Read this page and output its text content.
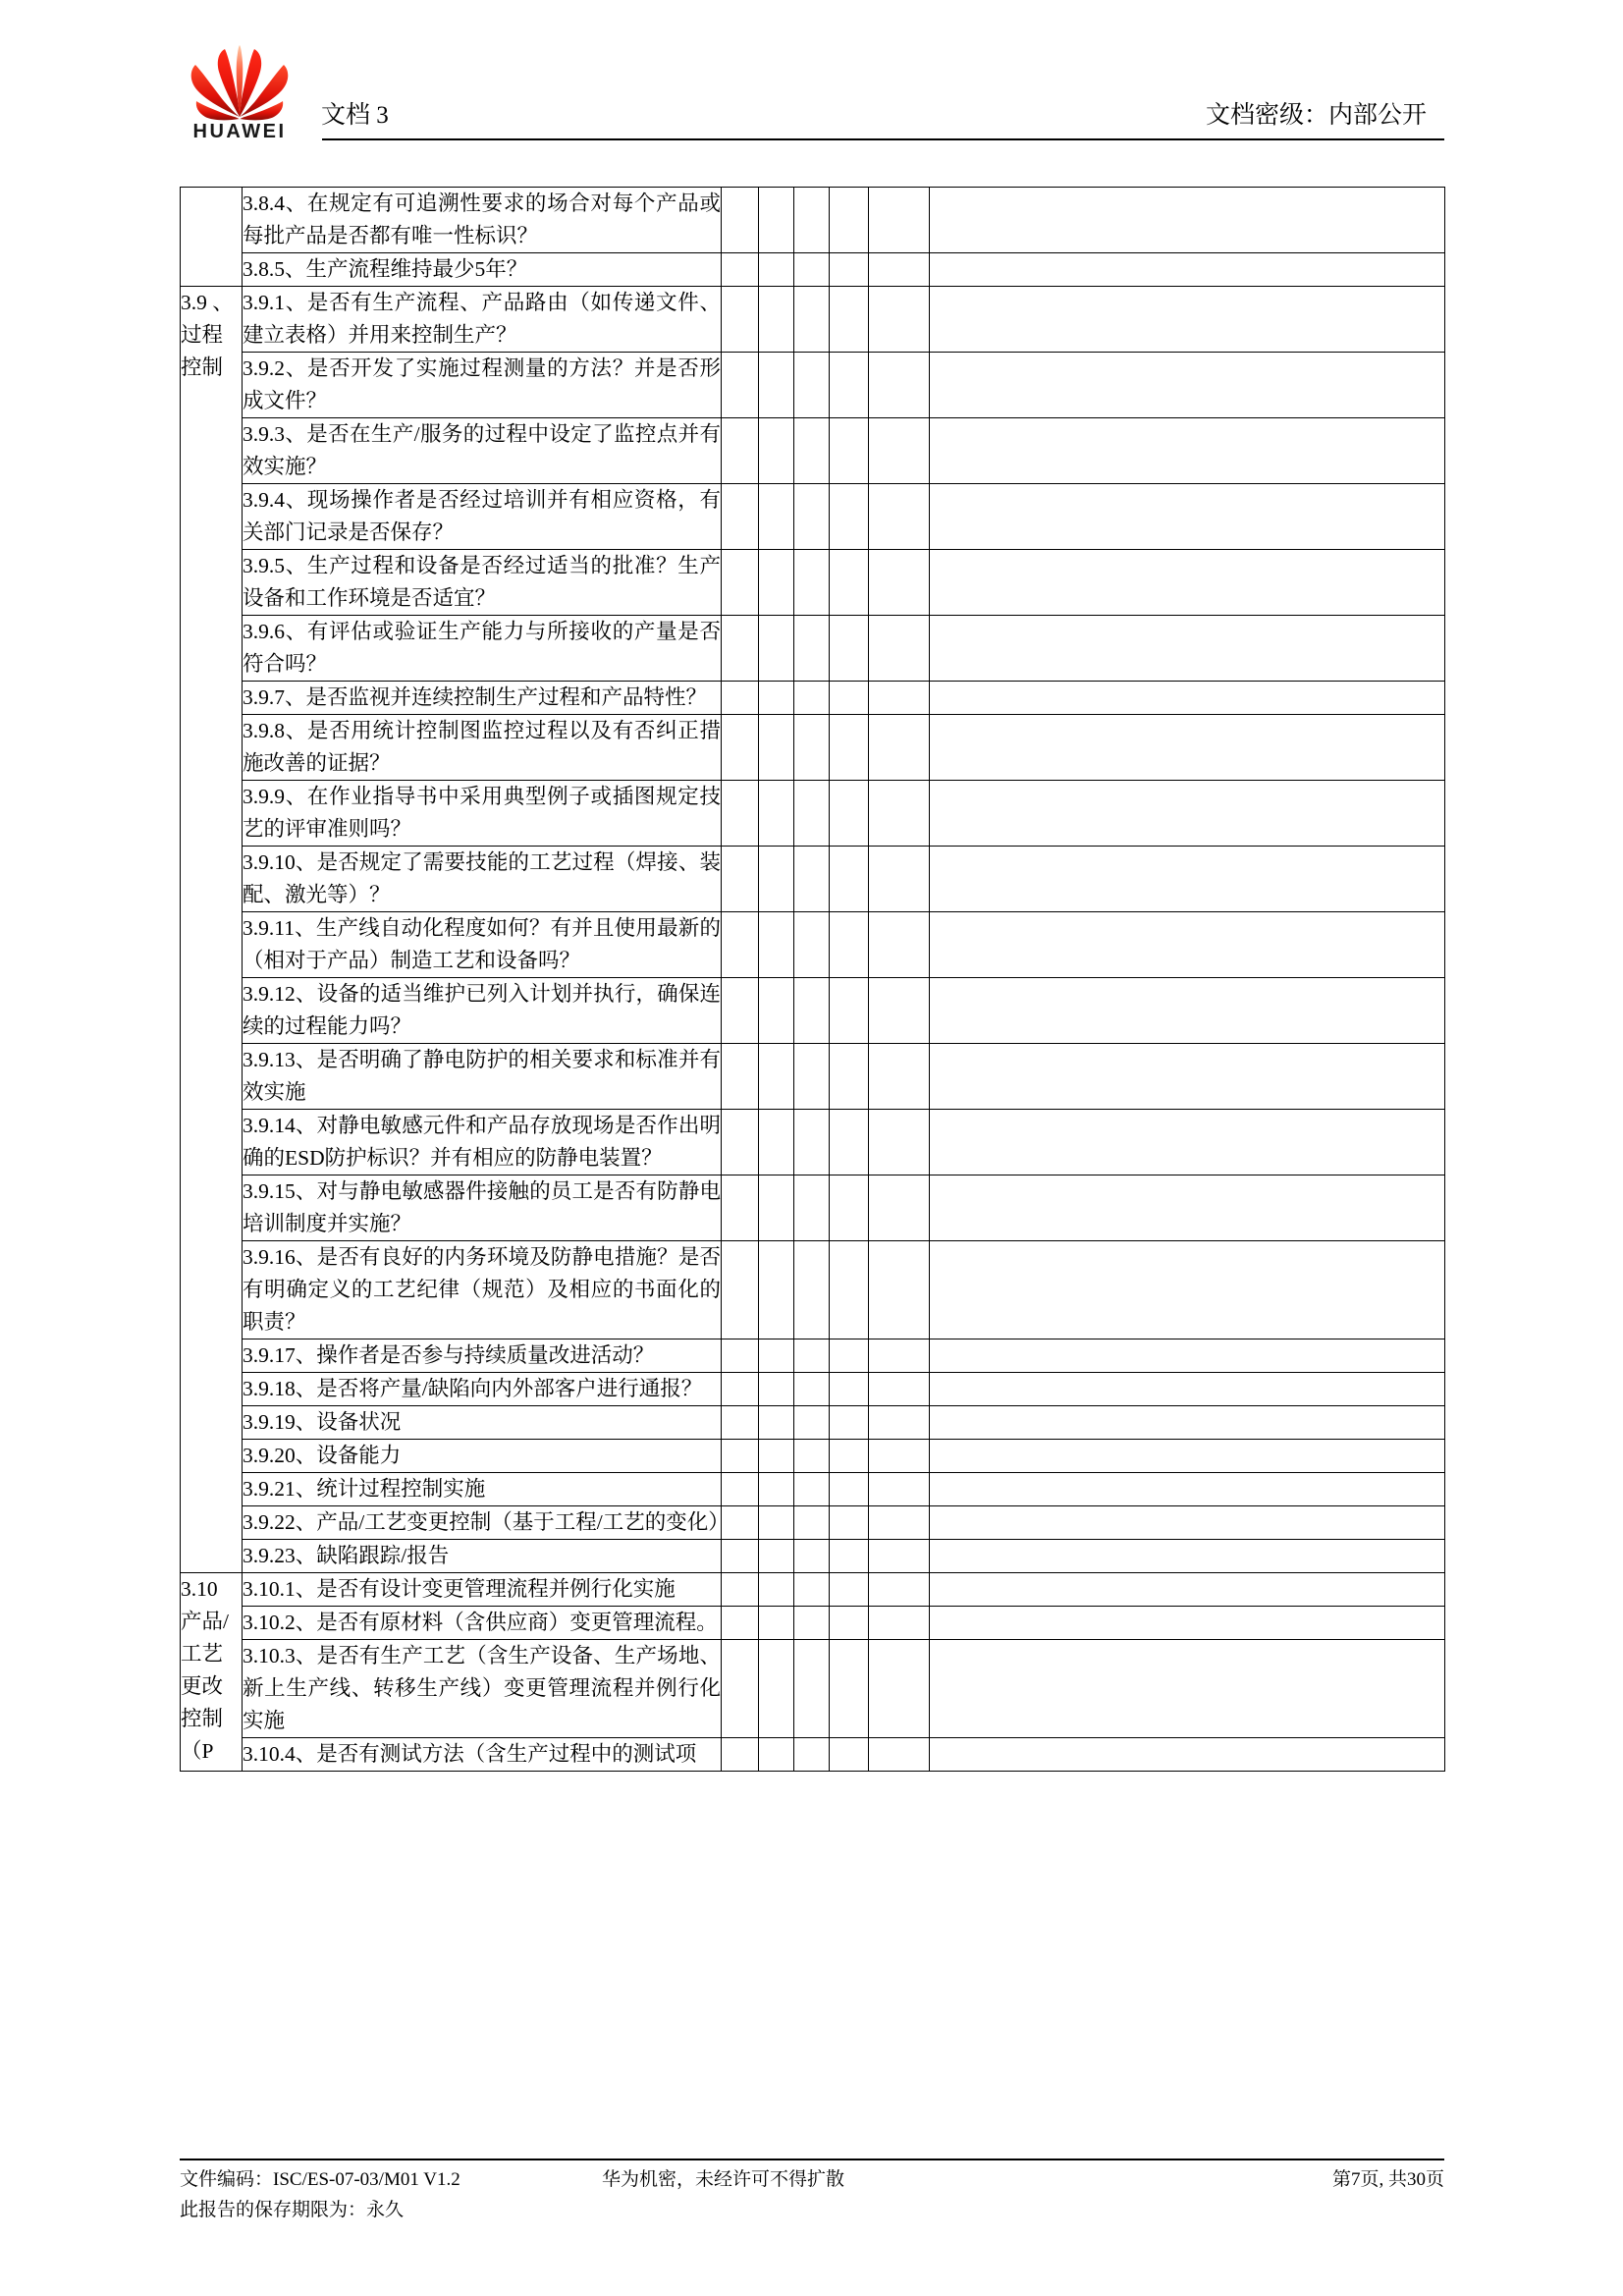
HUAWEI
文档 3	文档密级：内部公开

	3.8.4、在规定有可追溯性要求的场合对每个产品或每批产品是否都有唯一性标识？						

	3.8.5、生产流程维持最少5年？						

3.9 、过程控制	3.9.1、是否有生产流程、产品路由（如传递文件、建立表格）并用来控制生产？						

	3.9.2、是否开发了实施过程测量的方法？并是否形成文件？						

	3.9.3、是否在生产/服务的过程中设定了监控点并有效实施？						

	3.9.4、现场操作者是否经过培训并有相应资格，有关部门记录是否保存？						

	3.9.5、生产过程和设备是否经过适当的批准？生产设备和工作环境是否适宜？						

	3.9.6、有评估或验证生产能力与所接收的产量是否符合吗？						

	3.9.7、是否监视并连续控制生产过程和产品特性？						

	3.9.8、是否用统计控制图监控过程以及有否纠正措施改善的证据？						

	3.9.9、在作业指导书中采用典型例子或插图规定技艺的评审准则吗？						

	3.9.10、是否规定了需要技能的工艺过程（焊接、装配、激光等）？						

	3.9.11、生产线自动化程度如何？有并且使用最新的（相对于产品）制造工艺和设备吗？						

	3.9.12、设备的适当维护已列入计划并执行，确保连续的过程能力吗？						

	3.9.13、是否明确了静电防护的相关要求和标准并有效实施						

	3.9.14、对静电敏感元件和产品存放现场是否作出明确的ESD防护标识？并有相应的防静电装置？						

	3.9.15、对与静电敏感器件接触的员工是否有防静电培训制度并实施？						

	3.9.16、是否有良好的内务环境及防静电措施？是否有明确定义的工艺纪律（规范）及相应的书面化的职责？						

	3.9.17、操作者是否参与持续质量改进活动？						

	3.9.18、是否将产量/缺陷向内外部客户进行通报？						

	3.9.19、设备状况						

	3.9.20、设备能力						

	3.9.21、统计过程控制实施						

	3.9.22、产品/工艺变更控制（基于工程/工艺的变化）						

	3.9.23、缺陷跟踪/报告						

3.10 产品/工艺更改控制（P	3.10.1、是否有设计变更管理流程并例行化实施						

	3.10.2、是否有原材料（含供应商）变更管理流程。						

	3.10.3、是否有生产工艺（含生产设备、生产场地、新上生产线、转移生产线）变更管理流程并例行化实施						

	3.10.4、是否有测试方法（含生产过程中的测试项						

文件编码：ISC/ES-07-03/M01 V1.2	华为机密，未经许可不得扩散	第7页, 共30页
此报告的保存期限为：永久
